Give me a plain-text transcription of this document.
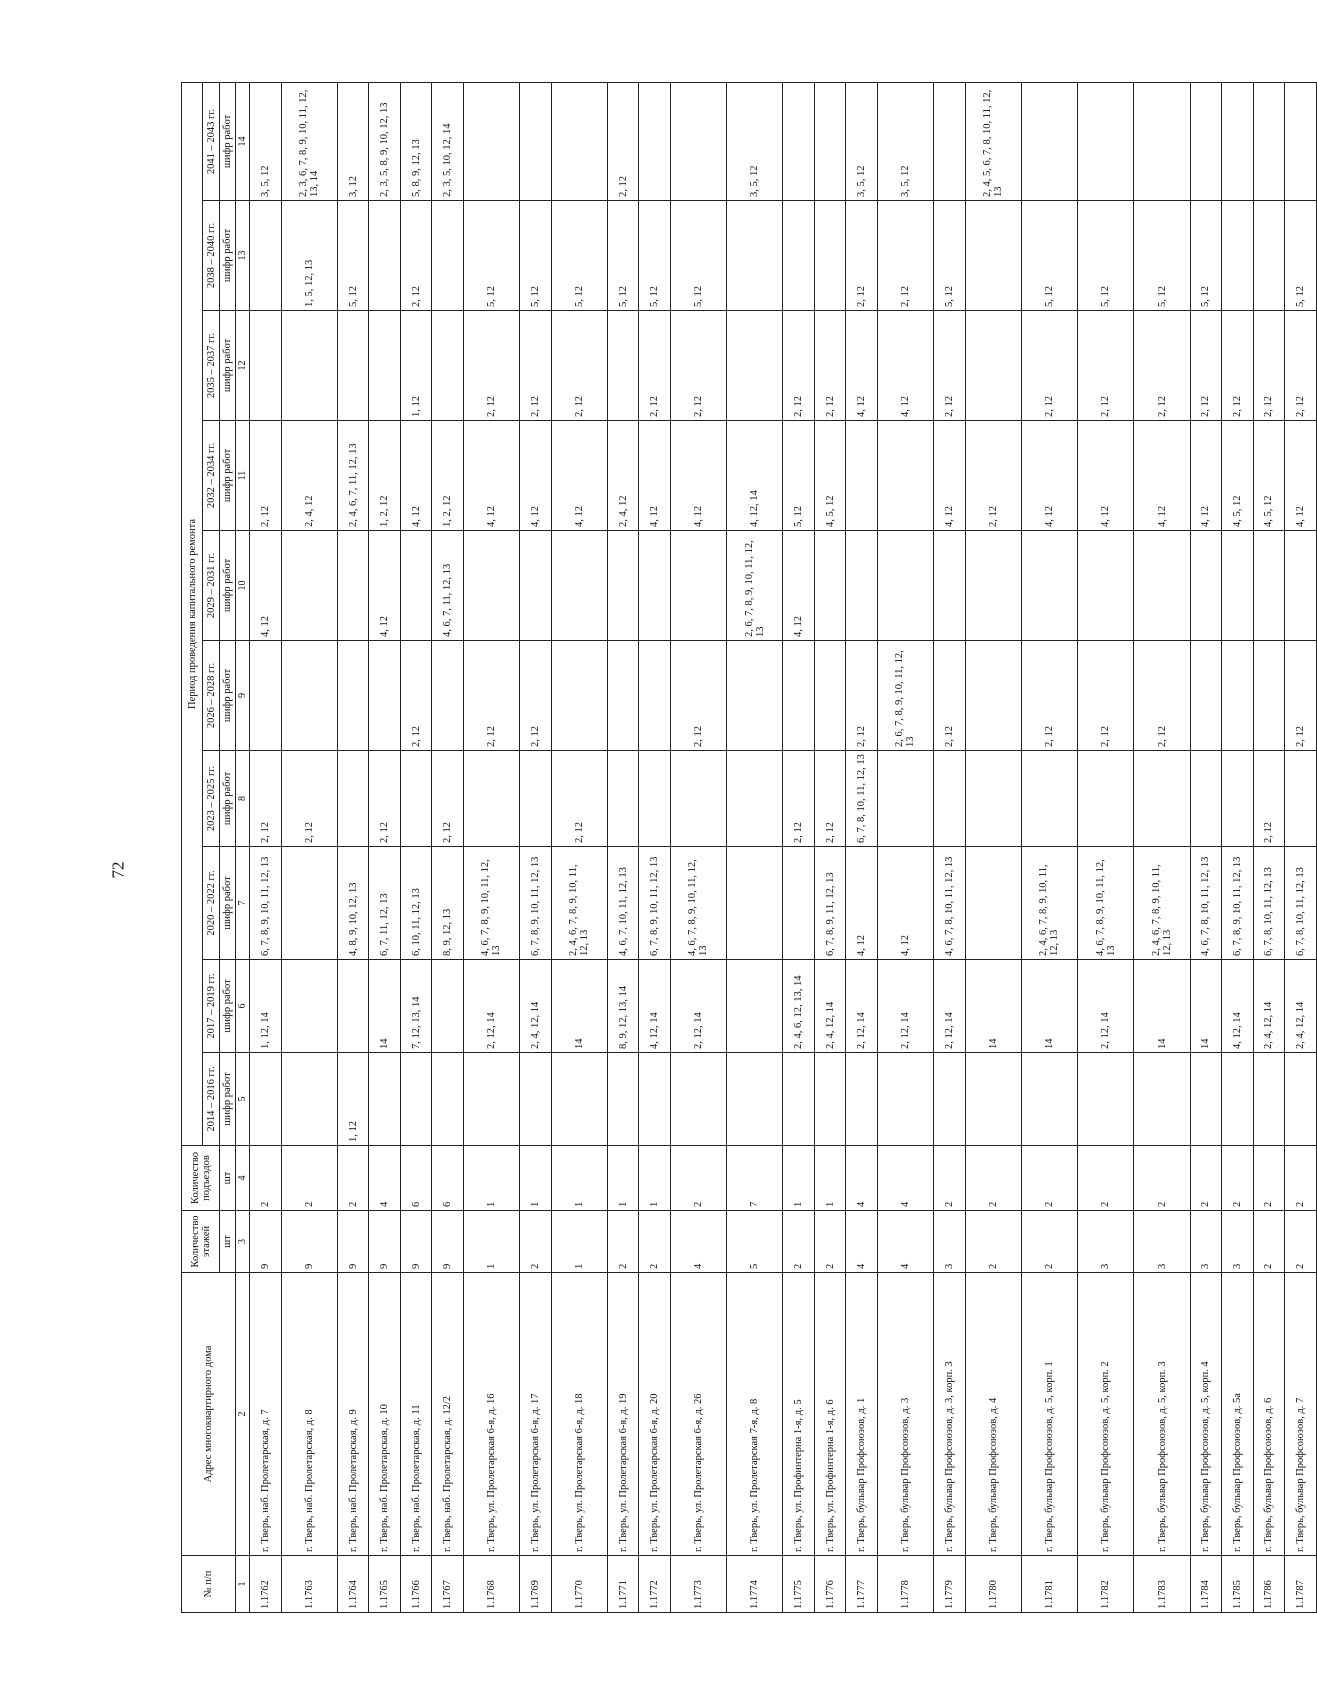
72
№ п/п	Адрес многоквартирного дома	Количество этажей	Количество подъездов	Период проведения капитального ремонта									
				2014 – 2016 гг.	2017 – 2019 гг.	2020 – 2022 гг.	2023 – 2025 гг.	2026 – 2028 гг.	2029 – 2031 гг.	2032 – 2034 гг.	2035 – 2037 гг.	2038 – 2040 гг.	2041 – 2043 гг.
		шт	шт	шифр работ	шифр работ	шифр работ	шифр работ	шифр работ	шифр работ	шифр работ	шифр работ	шифр работ	шифр работ
1	2	3	4	5	6	7	8	9	10	11	12	13	14
1.1762	г. Тверь, наб. Пролетарская, д. 7	9	2		1, 12, 14	6, 7, 8, 9, 10, 11, 12, 13	2, 12		4, 12	2, 12			3, 5, 12
1.1763	г. Тверь, наб. Пролетарская, д. 8	9	2				2, 12			2, 4, 12		1, 5, 12, 13	2, 3, 6, 7, 8, 9, 10, 11, 12, 13, 14
1.1764	г. Тверь, наб. Пролетарская, д. 9	9	2	1, 12		4, 8, 9, 10, 12, 13				2, 4, 6, 7, 11, 12, 13		5, 12	3, 12
1.1765	г. Тверь, наб. Пролетарская, д. 10	9	4		14	6, 7, 11, 12, 13	2, 12		4, 12	1, 2, 12			2, 3, 5, 8, 9, 10, 12, 13
1.1766	г. Тверь, наб. Пролетарская, д. 11	9	6		7, 12, 13, 14	6, 10, 11, 12, 13		2, 12		4, 12	1, 12	2, 12	5, 8, 9, 12, 13
1.1767	г. Тверь, наб. Пролетарская, д. 12/2	9	6			8, 9, 12, 13	2, 12		4, 6, 7, 11, 12, 13	1, 2, 12			2, 3, 5, 10, 12, 14
1.1768	г. Тверь, ул. Пролетарская 6-я, д. 16	1	1		2, 12, 14	4, 6, 7, 8, 9, 10, 11, 12, 13		2, 12		4, 12	2, 12	5, 12	
1.1769	г. Тверь, ул. Пролетарская 6-я, д. 17	2	1		2, 4, 12, 14	6, 7, 8, 9, 10, 11, 12, 13		2, 12		4, 12	2, 12	5, 12	
1.1770	г. Тверь, ул. Пролетарская 6-я, д. 18	1	1		14	2, 4, 6, 7, 8, 9, 10, 11, 12, 13	2, 12			4, 12	2, 12	5, 12	
1.1771	г. Тверь, ул. Пролетарская 6-я, д. 19	2	1		8, 9, 12, 13, 14	4, 6, 7, 10, 11, 12, 13				2, 4, 12		5, 12	2, 12
1.1772	г. Тверь, ул. Пролетарская 6-я, д. 20	2	1		4, 12, 14	6, 7, 8, 9, 10, 11, 12, 13				4, 12	2, 12	5, 12	
1.1773	г. Тверь, ул. Пролетарская 6-я, д. 26	4	2		2, 12, 14	4, 6, 7, 8, 9, 10, 11, 12, 13		2, 12		4, 12	2, 12	5, 12	
1.1774	г. Тверь, ул. Пролетарская 7-я, д. 8	5	7						2, 6, 7, 8, 9, 10, 11, 12, 13	4, 12, 14			3, 5, 12
1.1775	г. Тверь, ул. Профинтерна 1-я, д. 5	2	1		2, 4, 6, 12, 13, 14		2, 12		4, 12	5, 12	2, 12		
1.1776	г. Тверь, ул. Профинтерна 1-я, д. 6	2	1		2, 4, 12, 14	6, 7, 8, 9, 11, 12, 13	2, 12			4, 5, 12	2, 12		
1.1777	г. Тверь, бульвар Профсоюзов, д. 1	4	4		2, 12, 14	4, 12	6, 7, 8, 10, 11, 12, 13	2, 12			4, 12	2, 12	3, 5, 12
1.1778	г. Тверь, бульвар Профсоюзов, д. 3	4	4		2, 12, 14	4, 12		2, 6, 7, 8, 9, 10, 11, 12, 13			4, 12	2, 12	3, 5, 12
1.1779	г. Тверь, бульвар Профсоюзов, д. 3, корп. 3	3	2		2, 12, 14	4, 6, 7, 8, 10, 11, 12, 13		2, 12		4, 12	2, 12	5, 12	
1.1780	г. Тверь, бульвар Профсоюзов, д. 4	2	2		14					2, 12			2, 4, 5, 6, 7, 8, 10, 11, 12, 13
1.1781	г. Тверь, бульвар Профсоюзов, д. 5, корп. 1	2	2		14	2, 4, 6, 7, 8, 9, 10, 11, 12, 13		2, 12		4, 12	2, 12	5, 12	
1.1782	г. Тверь, бульвар Профсоюзов, д. 5, корп. 2	3	2		2, 12, 14	4, 6, 7, 8, 9, 10, 11, 12, 13		2, 12		4, 12	2, 12	5, 12	
1.1783	г. Тверь, бульвар Профсоюзов, д. 5, корп. 3	3	2		14	2, 4, 6, 7, 8, 9, 10, 11, 12, 13		2, 12		4, 12	2, 12	5, 12	
1.1784	г. Тверь, бульвар Профсоюзов, д. 5, корп. 4	3	2		14	4, 6, 7, 8, 10, 11, 12, 13				4, 12	2, 12	5, 12	
1.1785	г. Тверь, бульвар Профсоюзов, д. 5а	3	2		4, 12, 14	6, 7, 8, 9, 10, 11, 12, 13				4, 5, 12	2, 12		
1.1786	г. Тверь, бульвар Профсоюзов, д. 6	2	2		2, 4, 12, 14	6, 7, 8, 10, 11, 12, 13	2, 12			4, 5, 12	2, 12		
1.1787	г. Тверь, бульвар Профсоюзов, д. 7	2	2		2, 4, 12, 14	6, 7, 8, 10, 11, 12, 13		2, 12		4, 12	2, 12	5, 12	
